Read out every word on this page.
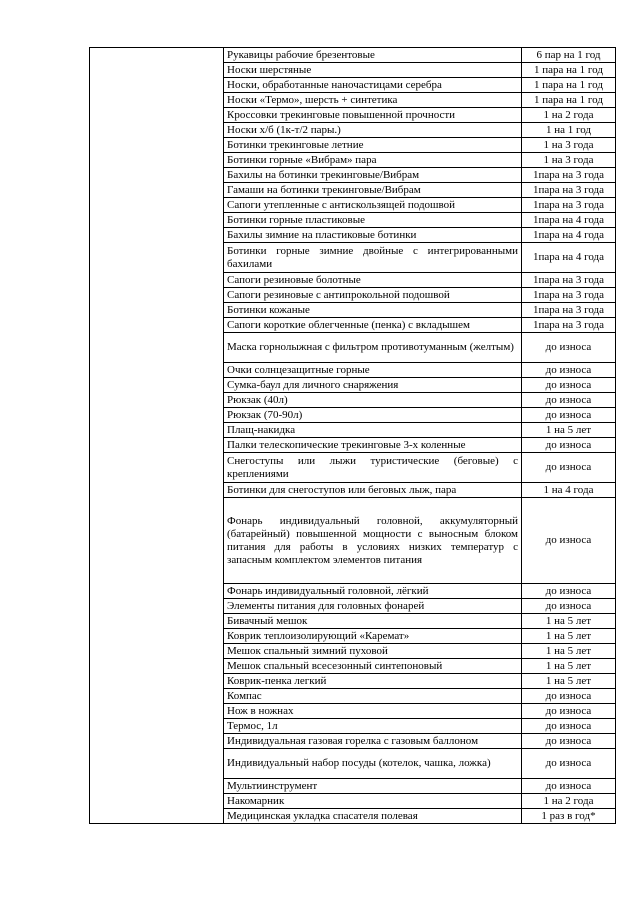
	Рукавицы рабочие брезентовые	6 пар на 1 год
	Носки шерстяные	1 пара на 1 год
	Носки, обработанные наночастицами серебра	1 пара на 1 год
	Носки «Термо», шерсть + синтетика	1 пара на 1 год
	Кроссовки трекинговые повышенной прочности	1 на 2 года
	Носки х/б (1к-т/2 пары.)	1 на 1 год
	Ботинки трекинговые летние	1 на 3 года
	Ботинки горные «Вибрам» пара	1 на 3 года
	Бахилы на ботинки трекинговые/Вибрам	1пара на 3 года
	Гамаши на ботинки трекинговые/Вибрам	1пара на 3 года
	Сапоги утепленные с антискользящей подошвой	1пара на 3 года
	Ботинки горные пластиковые	1пара на 4 года
	Бахилы зимние на пластиковые ботинки	1пара на 4 года
	Ботинки горные зимние двойные с интегрированными бахилами	1пара на 4 года
	Сапоги резиновые болотные	1пара на 3 года
	Сапоги резиновые с антипрокольной подошвой	1пара на 3 года
	Ботинки кожаные	1пара на 3 года
	Сапоги короткие облегченные (пенка) с вкладышем	1пара на 3 года
	Маска горнолыжная с фильтром противотуманным (желтым)	до износа
	Очки солнцезащитные горные	до износа
	Сумка-баул для личного снаряжения	до износа
	Рюкзак (40л)	до износа
	Рюкзак (70-90л)	до износа
	Плащ-накидка	1 на 5 лет
	Палки телескопические трекинговые 3-х коленные	до износа
	Снегоступы или лыжи туристические (беговые) с креплениями	до износа
	Ботинки для снегоступов или беговых лыж, пара	1 на 4 года
	Фонарь индивидуальный головной, аккумуляторный (батарейный) повышенной мощности с выносным блоком питания для работы в условиях низких температур с запасным комплектом элементов питания	до износа
	Фонарь индивидуальный головной, лёгкий	до износа
	Элементы питания для головных фонарей	до износа
	Бивачный мешок	1 на 5 лет
	Коврик теплоизолирующий «Каремат»	1 на 5 лет
	Мешок спальный зимний пуховой	1 на 5 лет
	Мешок спальный всесезонный синтепоновый	1 на 5 лет
	Коврик-пенка легкий	1 на 5 лет
	Компас	до износа
	Нож в ножнах	до износа
	Термос, 1л	до износа
	Индивидуальная газовая горелка с газовым баллоном	до износа
	Индивидуальный набор посуды (котелок, чашка, ложка)	до износа
	Мультиинструмент	до износа
	Накомарник	1 на 2 года
	Медицинская укладка спасателя полевая	1 раз в год*
